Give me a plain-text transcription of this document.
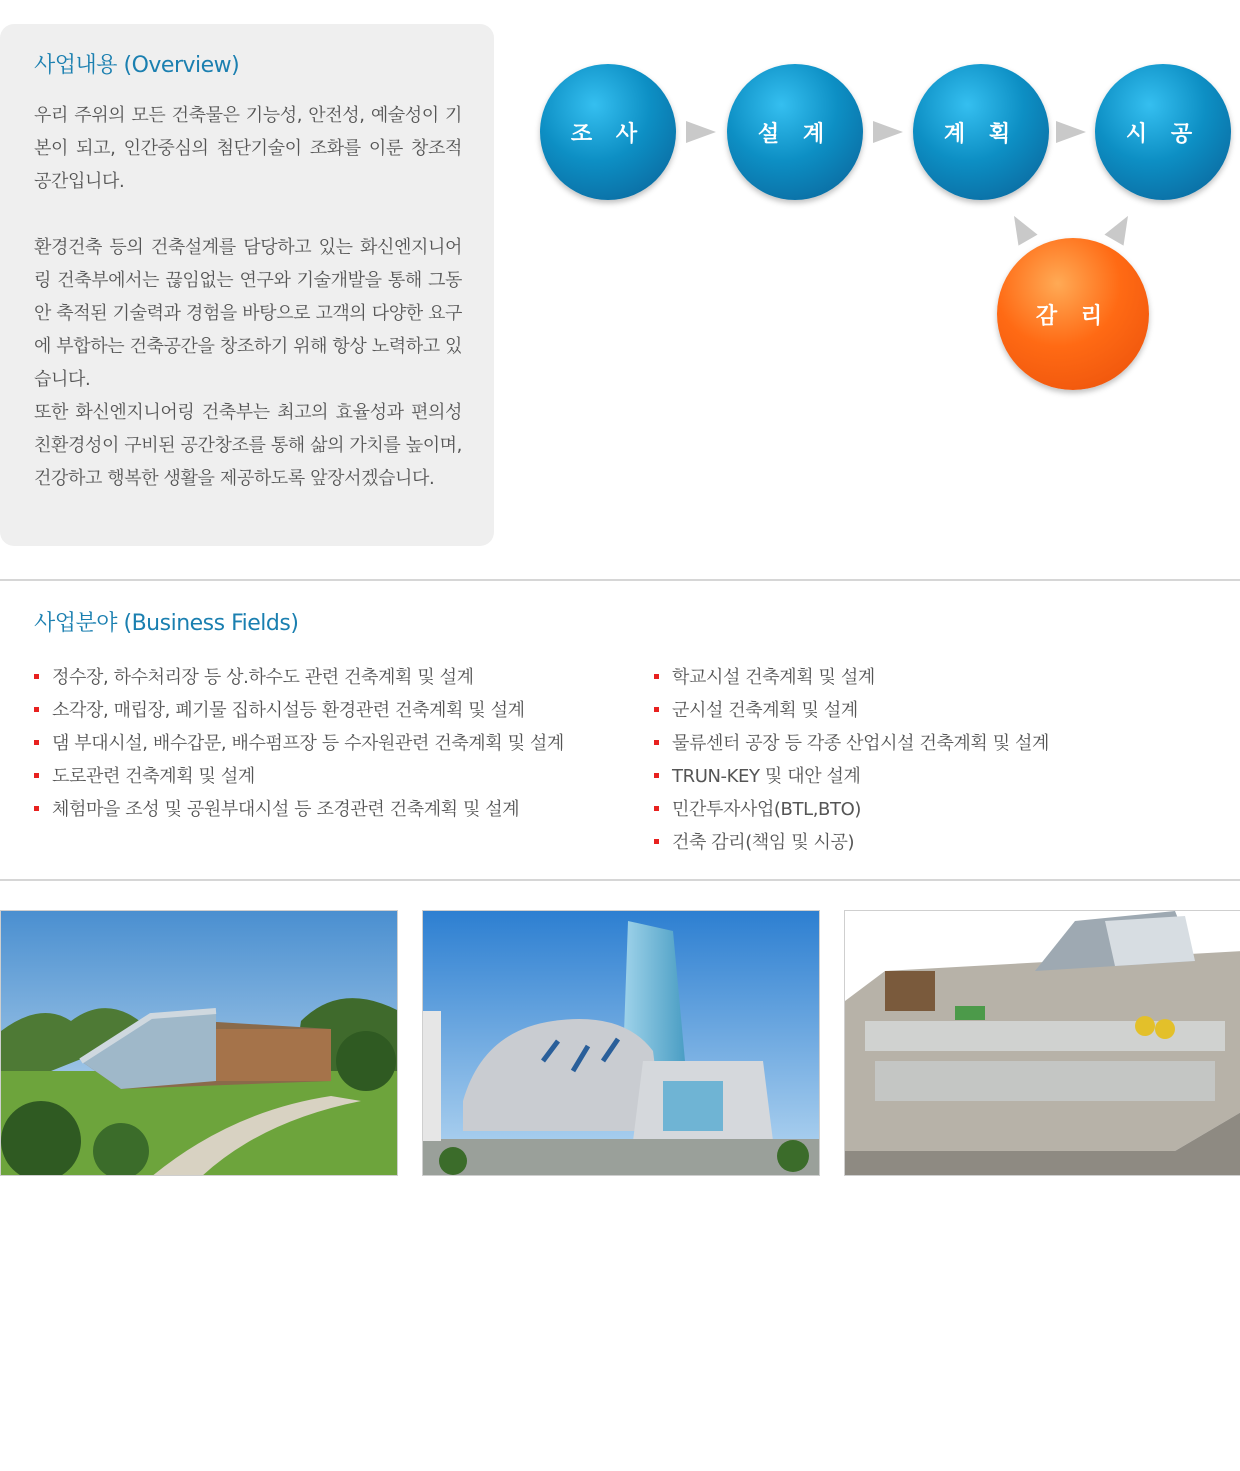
사업내용 (Overview)

우리 주위의 모든 건축물은 기능성, 안전성, 예술성이 기본이 되고, 인간중심의 첨단기술이 조화를 이룬 창조적 공간입니다.

환경건축 등의 건축설계를 담당하고 있는 화신엔지니어링 건축부에서는 끊임없는 연구와 기술개발을 통해 그동안 축적된 기술력과 경험을 바탕으로 고객의 다양한 요구에 부합하는 건축공간을 창조하기 위해 항상 노력하고 있습니다.

또한 화신엔지니어링 건축부는 최고의 효율성과 편의성 친환경성이 구비된 공간창조를 통해 삶의 가치를 높이며, 건강하고 행복한 생활을 제공하도록 앞장서겠습니다.

조 사	설 계	계 획	시 공
감 리
사업분야 (Business Fields)
정수장, 하수처리장 등 상.하수도 관련 건축계획 및 설계
소각장, 매립장, 폐기물 집하시설등 환경관련 건축계획 및 설계
댐 부대시설, 배수갑문, 배수펌프장 등 수자원관련 건축계획 및 설계
도로관련 건축계획 및 설계
체험마을 조성 및 공원부대시설 등 조경관련 건축계획 및 설계
학교시설 건축계획 및 설계
군시설 건축계획 및 설계
물류센터 공장 등 각종 산업시설 건축계획 및 설계
TRUN-KEY 및 대안 설계
민간투자사업(BTL,BTO)
건축 감리(책임 및 시공)
